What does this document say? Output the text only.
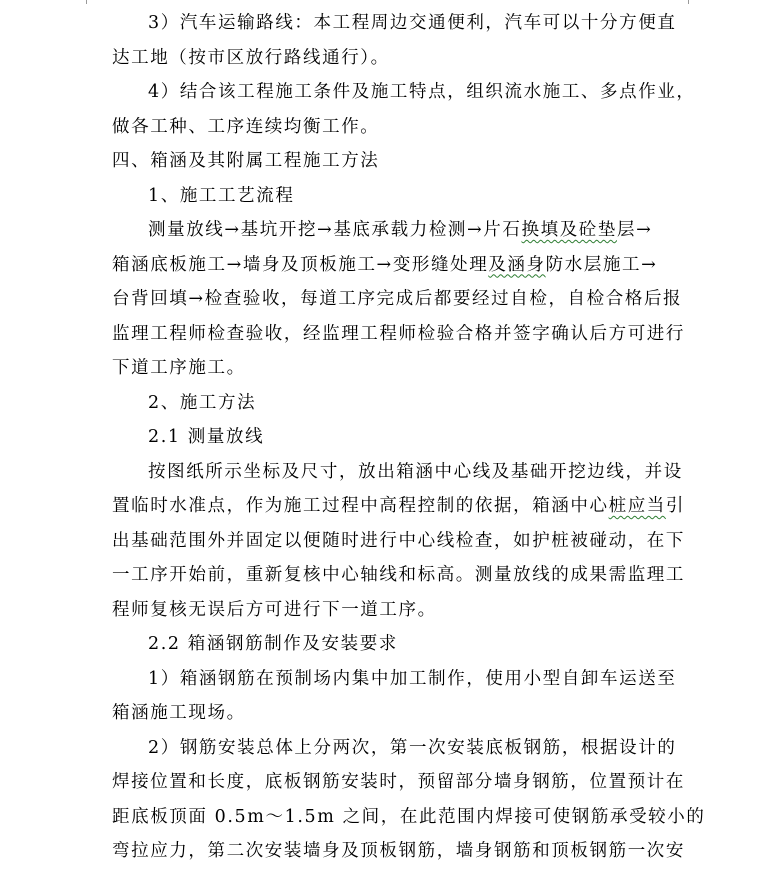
3）汽车运输路线：本工程周边交通便利，汽车可以十分方便直
达工地（按市区放行路线通行）。
4）结合该工程施工条件及施工特点，组织流水施工、多点作业，
做各工种、工序连续均衡工作。
四、箱涵及其附属工程施工方法
1、施工工艺流程
测量放线→基坑开挖→基底承载力检测→片石换填及砼垫层→
箱涵底板施工→墙身及顶板施工→变形缝处理及涵身防水层施工→
台背回填→检查验收，每道工序完成后都要经过自检，自检合格后报
监理工程师检查验收，经监理工程师检验合格并签字确认后方可进行
下道工序施工。
2、施工方法
2.1 测量放线
按图纸所示坐标及尺寸，放出箱涵中心线及基础开挖边线，并设
置临时水准点，作为施工过程中高程控制的依据，箱涵中心桩应当引
出基础范围外并固定以便随时进行中心线检查，如护桩被碰动，在下
一工序开始前，重新复核中心轴线和标高。测量放线的成果需监理工
程师复核无误后方可进行下一道工序。
2.2 箱涵钢筋制作及安装要求
1）箱涵钢筋在预制场内集中加工制作，使用小型自卸车运送至
箱涵施工现场。
2）钢筋安装总体上分两次，第一次安装底板钢筋，根据设计的
焊接位置和长度，底板钢筋安装时，预留部分墙身钢筋，位置预计在
距底板顶面 0.5m～1.5m 之间，在此范围内焊接可使钢筋承受较小的
弯拉应力，第二次安装墙身及顶板钢筋，墙身钢筋和顶板钢筋一次安
